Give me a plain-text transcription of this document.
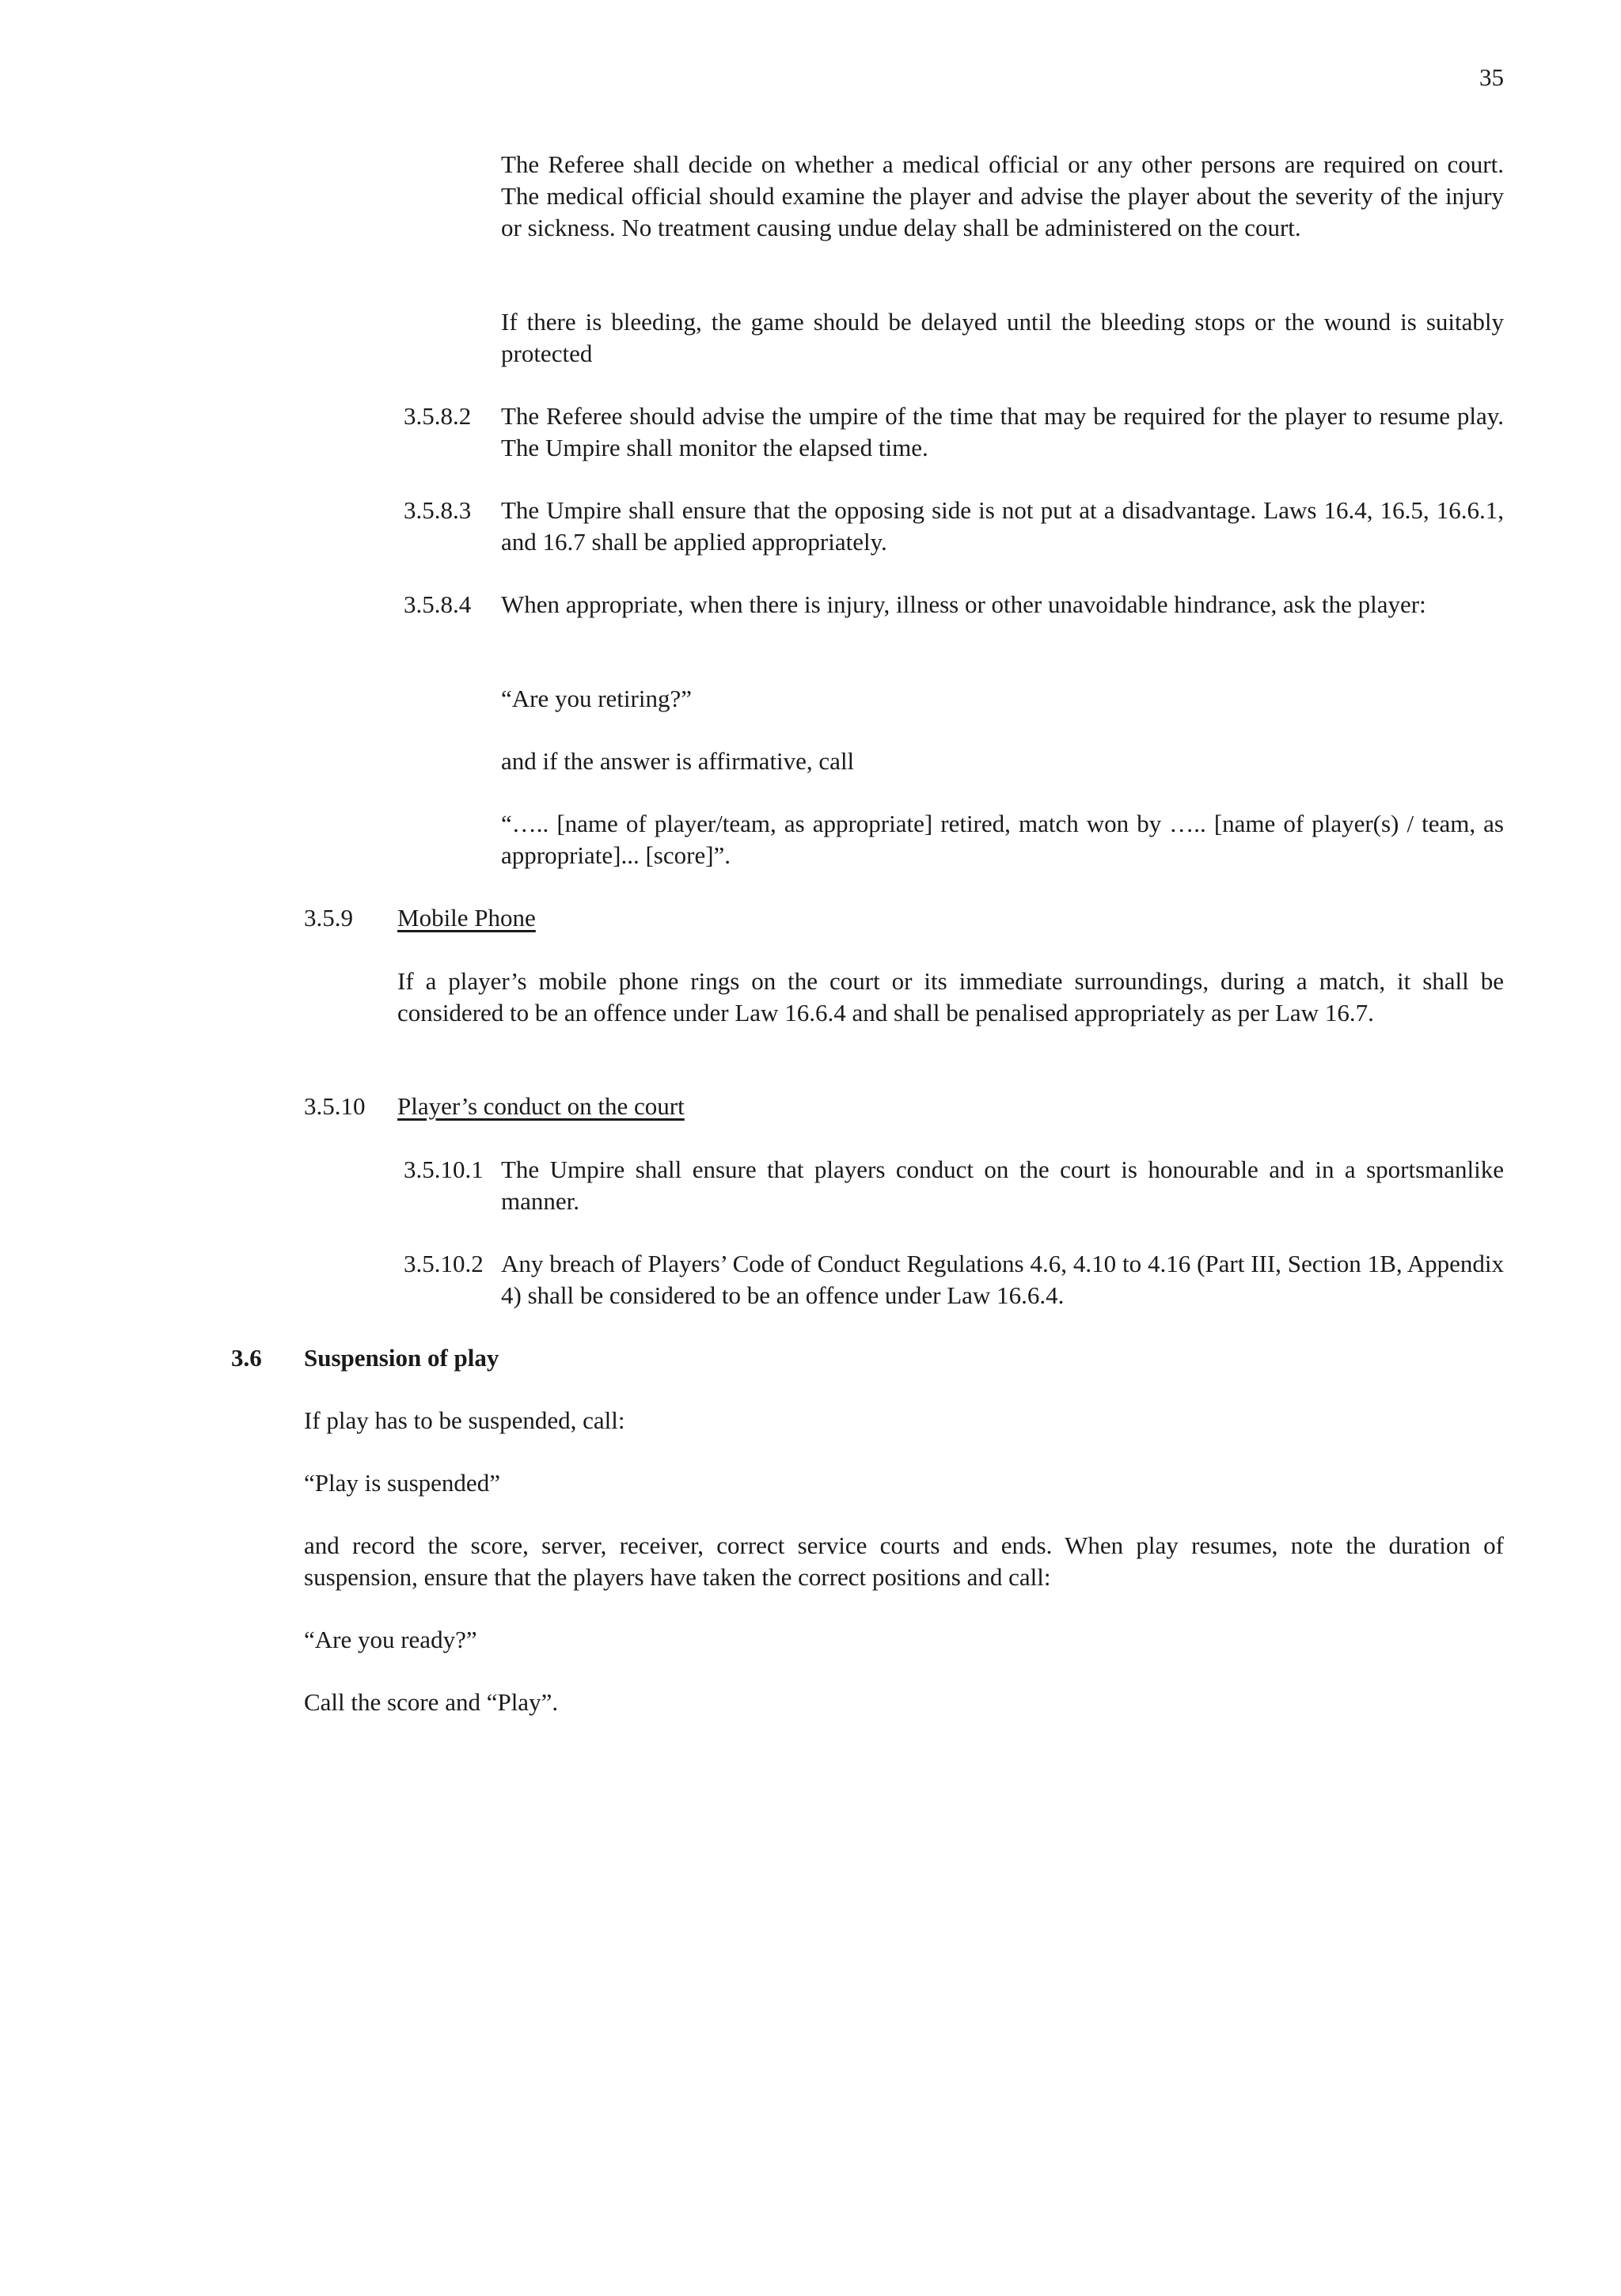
35

The Referee shall decide on whether a medical official or any other persons are required on court. The medical official should examine the player and advise the player about the severity of the injury or sickness. No treatment causing undue delay shall be administered on the court.

If there is bleeding, the game should be delayed until the bleeding stops or the wound is suitably protected

3.5.8.2 The Referee should advise the umpire of the time that may be required for the player to resume play. The Umpire shall monitor the elapsed time.

3.5.8.3 The Umpire shall ensure that the opposing side is not put at a disadvantage. Laws 16.4, 16.5, 16.6.1, and 16.7 shall be applied appropriately.

3.5.8.4 When appropriate, when there is injury, illness or other unavoidable hindrance, ask the player:

“Are you retiring?”

and if the answer is affirmative, call

“….. [name of player/team, as appropriate] retired, match won by ….. [name of player(s) / team, as appropriate]... [score]”.

3.5.9 Mobile Phone

If a player’s mobile phone rings on the court or its immediate surroundings, during a match, it shall be considered to be an offence under Law 16.6.4 and shall be penalised appropriately as per Law 16.7.

3.5.10 Player’s conduct on the court
3.5.10.1 The Umpire shall ensure that players conduct on the court is honourable and in a sportsmanlike manner.

3.5.10.2 Any breach of Players’ Code of Conduct Regulations 4.6, 4.10 to 4.16 (Part III, Section 1B, Appendix 4) shall be considered to be an offence under Law 16.6.4.

3.6 Suspension of play

If play has to be suspended, call:

“Play is suspended”

and record the score, server, receiver, correct service courts and ends. When play resumes, note the duration of suspension, ensure that the players have taken the correct positions and call:

“Are you ready?”

Call the score and “Play”.
